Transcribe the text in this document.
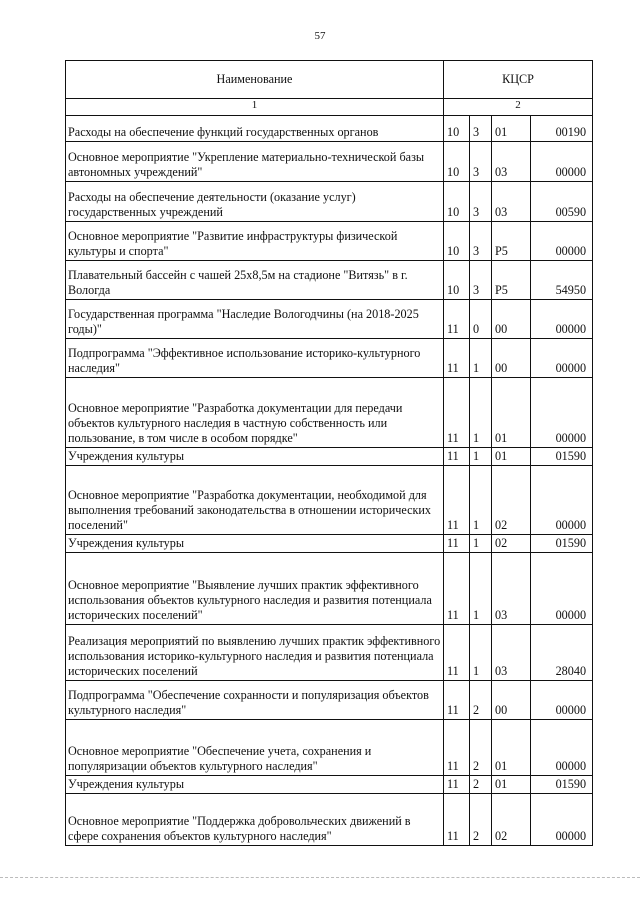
57
Наименование	КЦСР			
1	2			
Расходы на обеспечение функций государственных органов	10	3	01	00190
Основное мероприятие "Укрепление материально-технической базы автономных учреждений"	10	3	03	00000
Расходы на обеспечение деятельности (оказание услуг) государственных учреждений	10	3	03	00590
Основное мероприятие "Развитие инфраструктуры физической культуры и спорта"	10	3	P5	00000
Плавательный бассейн с чашей 25х8,5м на стадионе "Витязь" в г. Вологда	10	3	P5	54950
Государственная программа "Наследие Вологодчины (на 2018-2025 годы)"	11	0	00	00000
Подпрограмма "Эффективное использование историко-культурного наследия"	11	1	00	00000
Основное мероприятие "Разработка документации для передачи объектов культурного наследия в частную собственность или пользование, в том числе в особом порядке"	11	1	01	00000
Учреждения культуры	11	1	01	01590
Основное мероприятие "Разработка документации, необходимой для выполнения требований законодательства в отношении исторических поселений"	11	1	02	00000
Учреждения культуры	11	1	02	01590
Основное мероприятие "Выявление лучших практик эффективного использования объектов культурного наследия и развития потенциала исторических поселений"	11	1	03	00000
Реализация мероприятий по выявлению лучших практик эффективного использования историко-культурного наследия и развития потенциала исторических поселений	11	1	03	28040
Подпрограмма "Обеспечение сохранности и популяризация объектов культурного наследия"	11	2	00	00000
Основное мероприятие "Обеспечение учета, сохранения и популяризации объектов культурного наследия"	11	2	01	00000
Учреждения культуры	11	2	01	01590
Основное мероприятие "Поддержка добровольческих движений в сфере сохранения объектов культурного наследия"	11	2	02	00000
